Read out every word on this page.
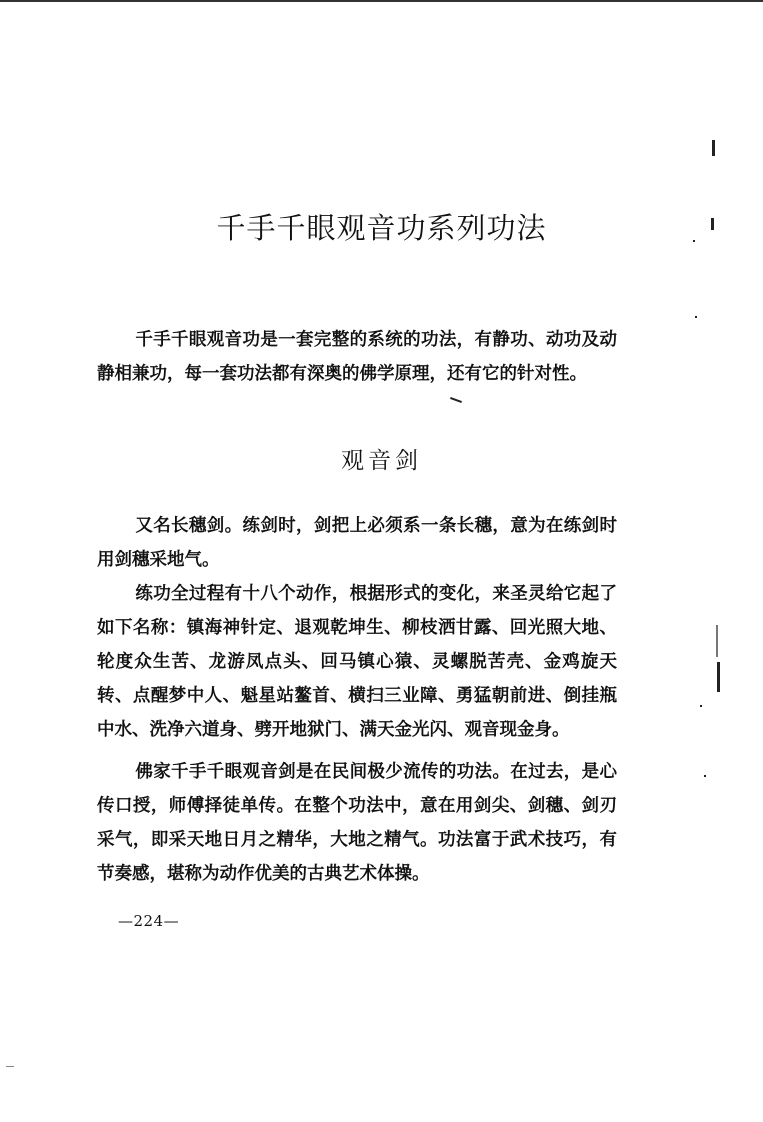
千手千眼观音功系列功法

千手千眼观音功是一套完整的系统的功法，有静功、动功及动静相兼功，每一套功法都有深奥的佛学原理，还有它的针对性。

观音剑

又名长穗剑。练剑时，剑把上必须系一条长穗，意为在练剑时用剑穗采地气。

练功全过程有十八个动作，根据形式的变化，来圣灵给它起了如下名称：镇海神针定、退观乾坤生、柳枝洒甘露、回光照大地、轮度众生苦、龙游凤点头、回马镇心猿、灵螺脱苦壳、金鸡旋天转、点醒梦中人、魁星站鳌首、横扫三业障、勇猛朝前进、倒挂瓶中水、洗净六道身、劈开地狱门、满天金光闪、观音现金身。

佛家千手千眼观音剑是在民间极少流传的功法。在过去，是心传口授，师傅择徒单传。在整个功法中，意在用剑尖、剑穗、剑刃采气，即采天地日月之精华，大地之精气。功法富于武术技巧，有节奏感，堪称为动作优美的古典艺术体操。

—224—
